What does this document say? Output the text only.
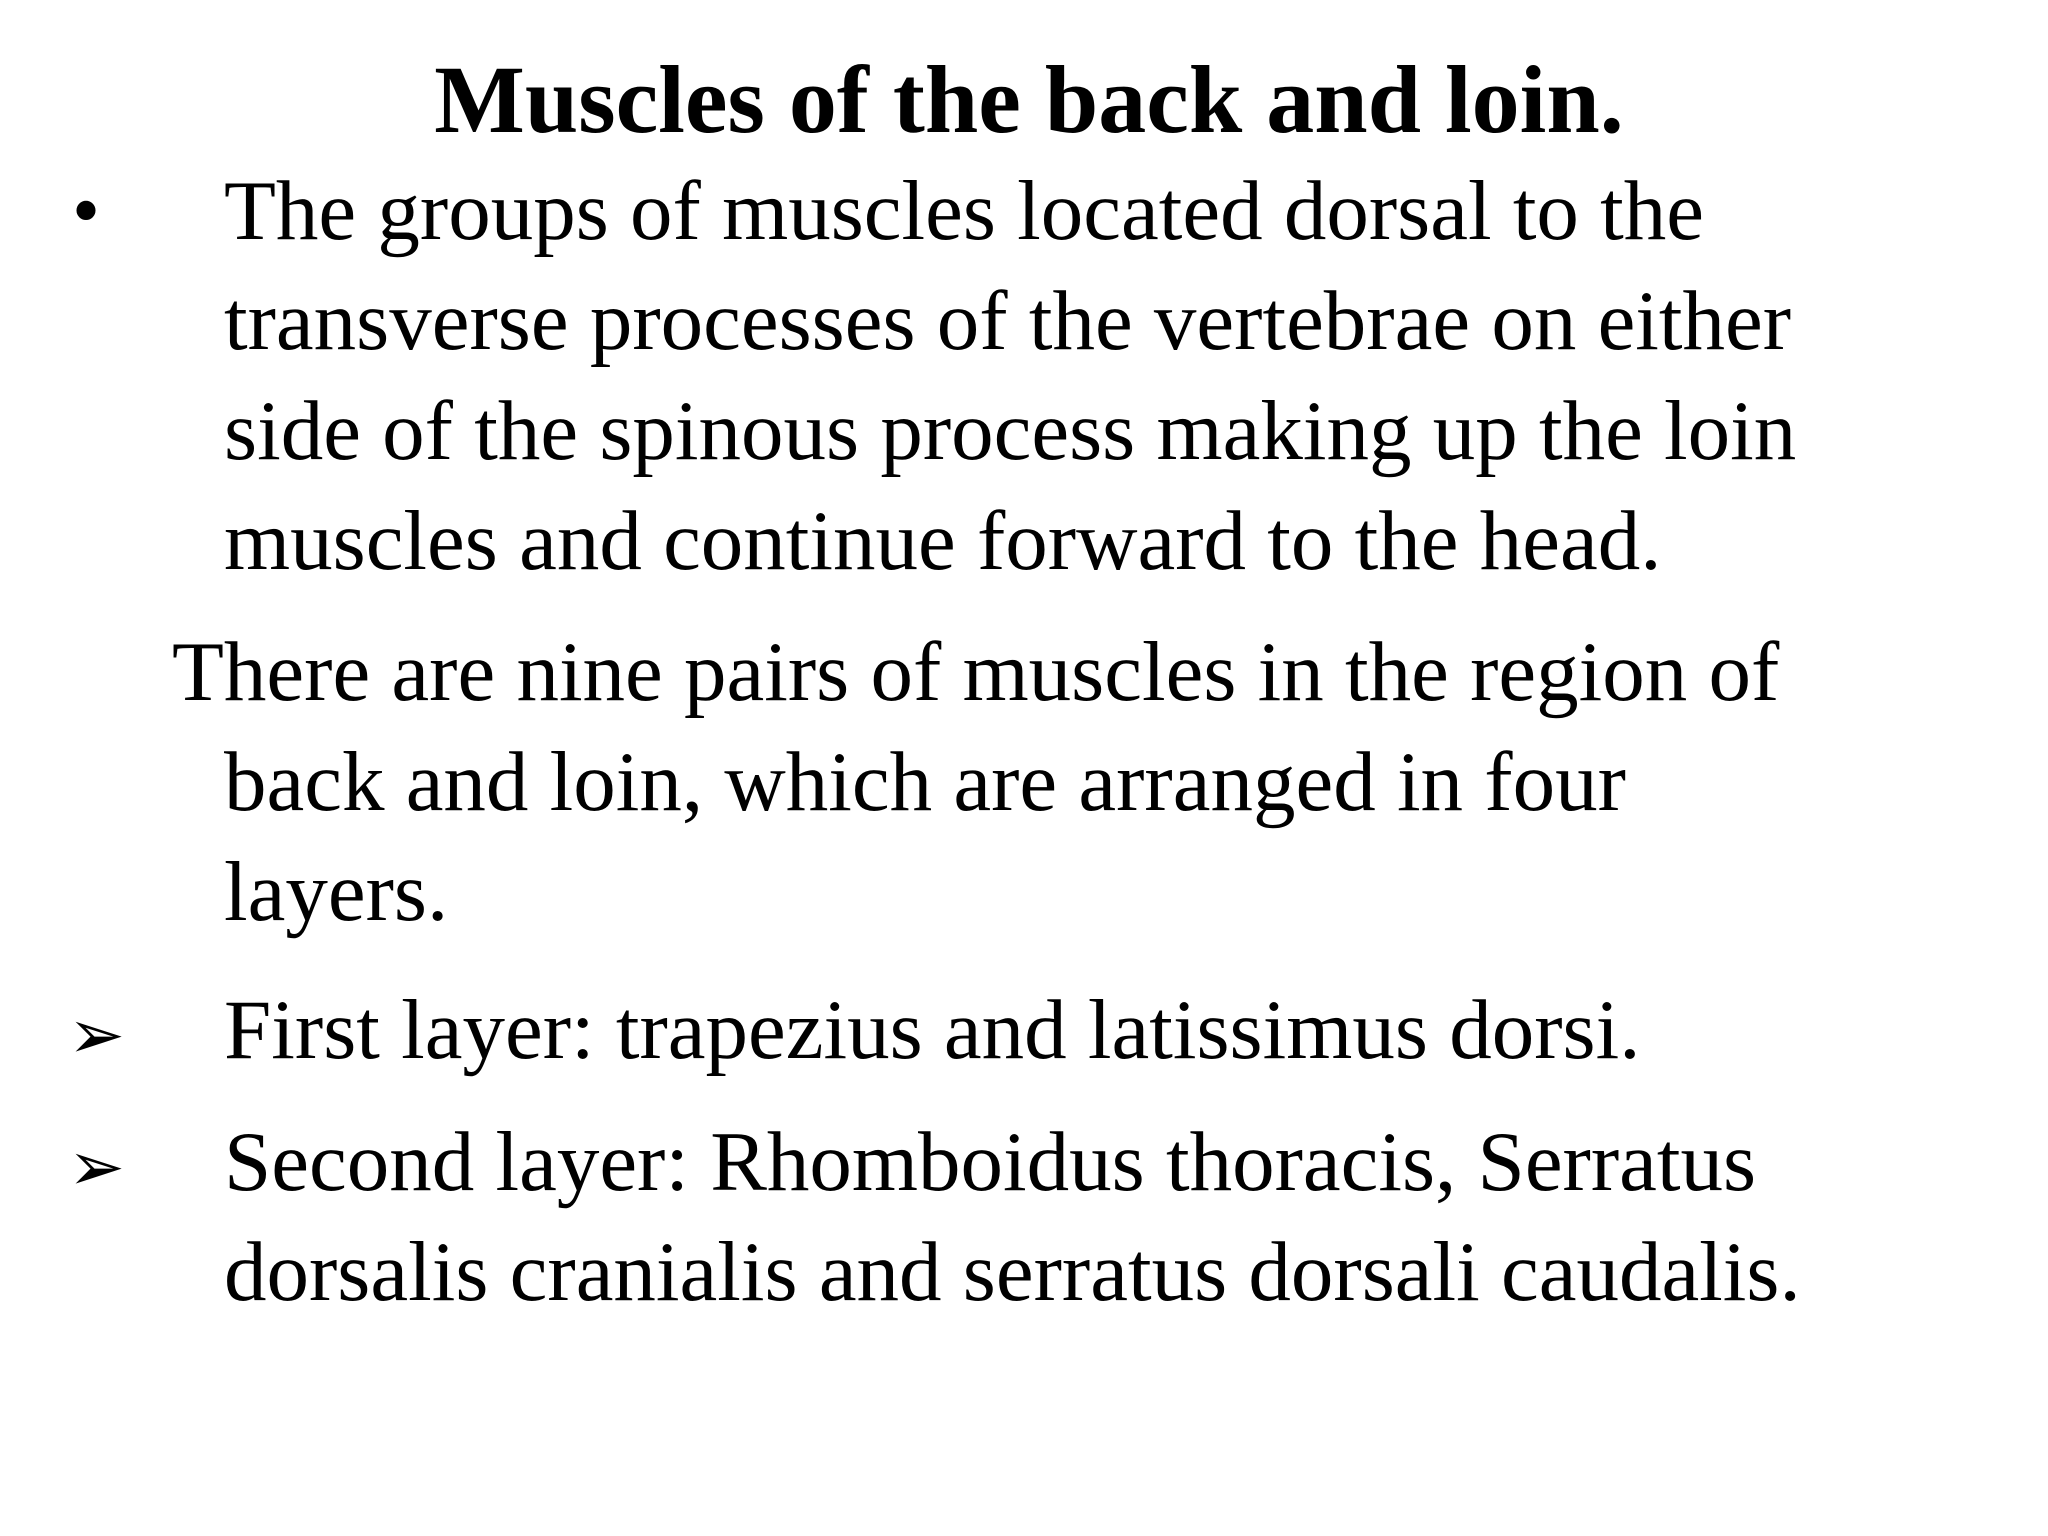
Muscles of the back and loin.
• The groups of muscles located dorsal to the
transverse processes of the vertebrae on either
side of the spinous process making up the loin
muscles and continue forward to the head.
There are nine pairs of muscles in the region of
back and loin, which are arranged in four
layers.
➢ First layer: trapezius and latissimus dorsi.
➢ Second layer: Rhomboidus thoracis, Serratus
dorsalis cranialis and serratus dorsali caudalis.
